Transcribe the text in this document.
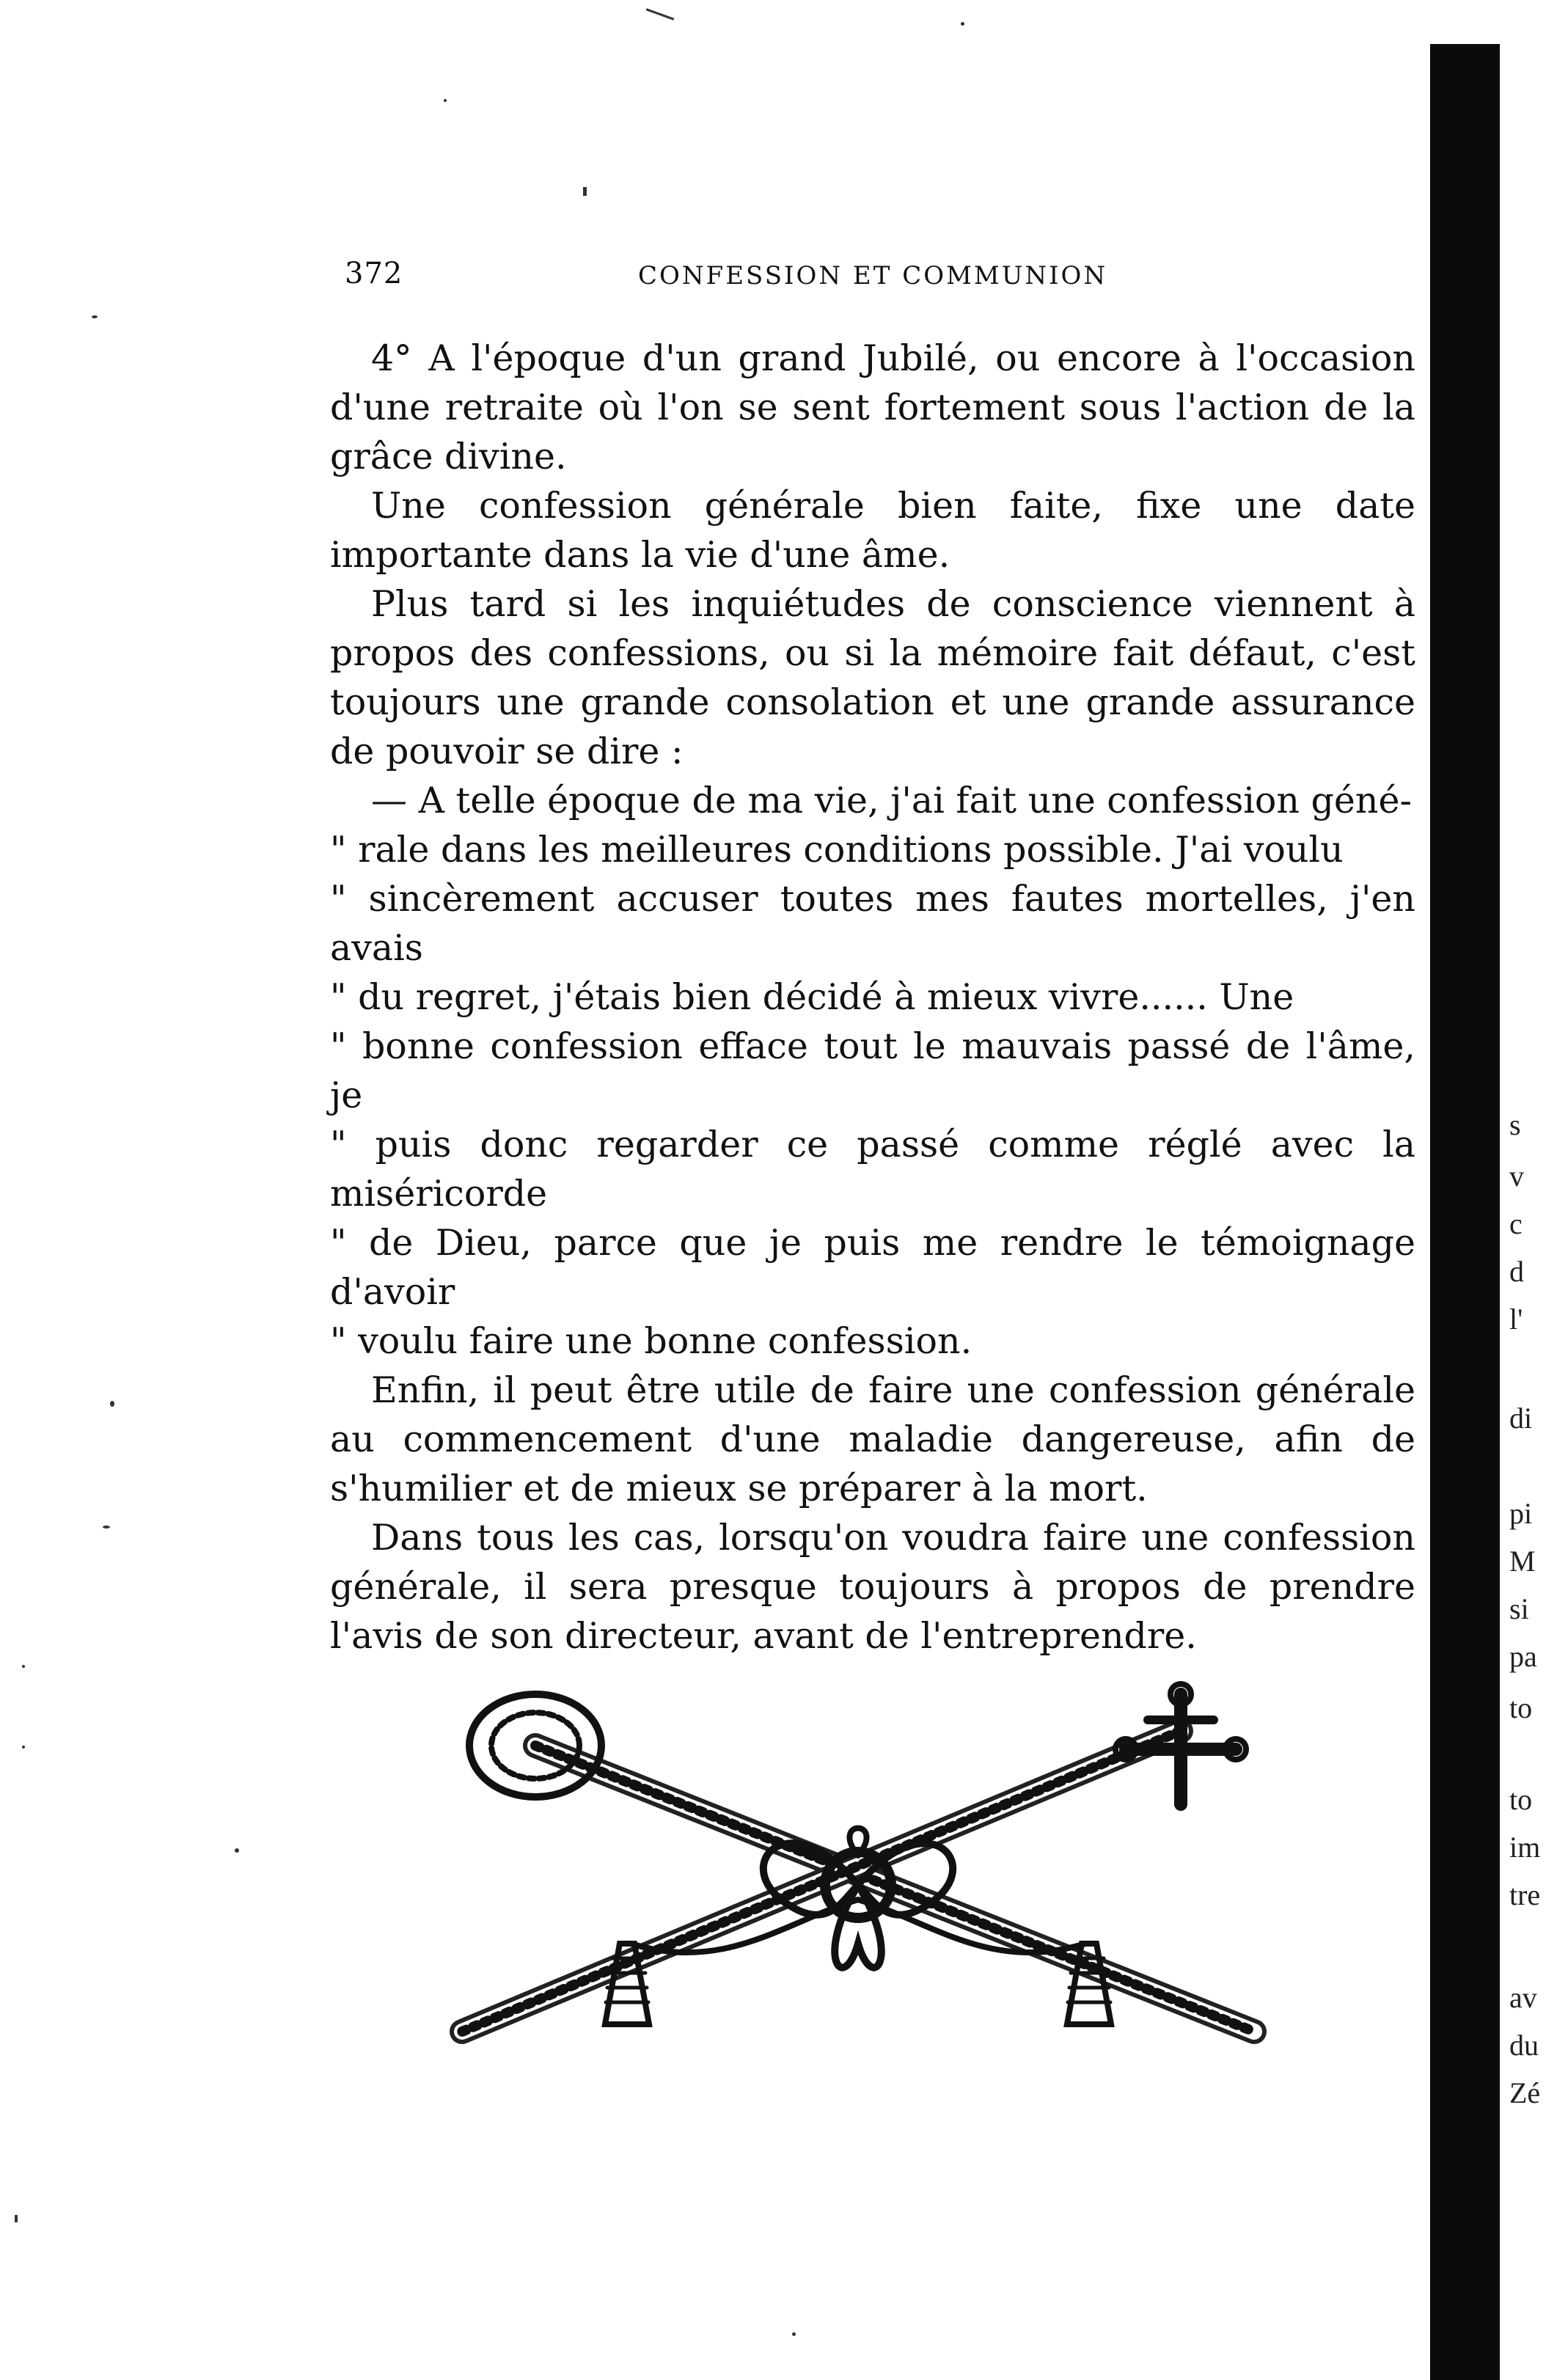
372	CONFESSION ET COMMUNION

4° A l'époque d'un grand Jubilé, ou encore à l'occasion d'une retraite où l'on se sent fortement sous l'action de la grâce divine.

Une confession générale bien faite, fixe une date importante dans la vie d'une âme.

Plus tard si les inquiétudes de conscience viennent à propos des confessions, ou si la mémoire fait défaut, c'est toujours une grande consolation et une grande assurance de pouvoir se dire :

— A telle époque de ma vie, j'ai fait une confession géné-

" rale dans les meilleures conditions possible. J'ai voulu

" sincèrement accuser toutes mes fautes mortelles, j'en avais

" du regret, j'étais bien décidé à mieux vivre...... Une

" bonne confession efface tout le mauvais passé de l'âme, je

" puis donc regarder ce passé comme réglé avec la miséricorde

" de Dieu, parce que je puis me rendre le témoignage d'avoir

" voulu faire une bonne confession.

Enfin, il peut être utile de faire une confession générale au commencement d'une maladie dangereuse, afin de s'humilier et de mieux se préparer à la mort.

Dans tous les cas, lorsqu'on voudra faire une confession générale, il sera presque toujours à propos de prendre l'avis de son directeur, avant de l'entreprendre.

s
v
c
d
l'
di
pi
M
si
pa
to
to
im
tre
av
du
Zé
